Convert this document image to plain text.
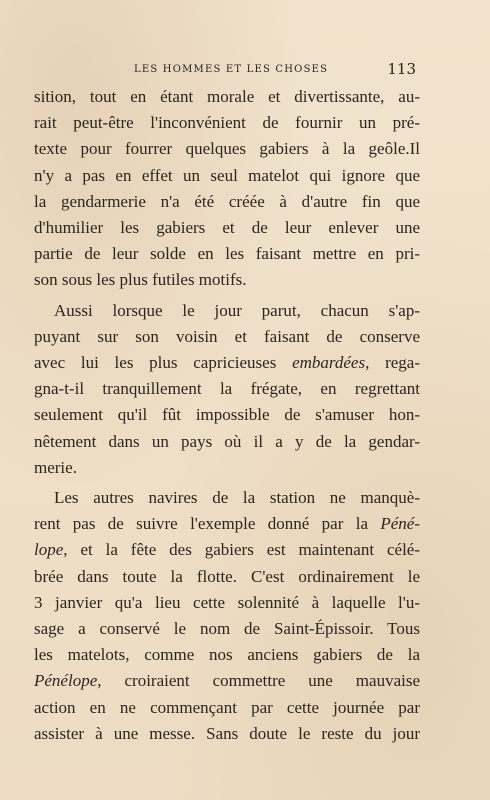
LES HOMMES ET LES CHOSES	113
sition, tout en étant morale et divertissante, au-
rait peut-être l'inconvénient de fournir un pré-
texte pour fourrer quelques gabiers à la geôle.Il
n'y a pas en effet un seul matelot qui ignore que
la gendarmerie n'a été créée à d'autre fin que
d'humilier les gabiers et de leur enlever une
partie de leur solde en les faisant mettre en pri-
son sous les plus futiles motifs.
Aussi lorsque le jour parut, chacun s'ap-
puyant sur son voisin et faisant de conserve
avec lui les plus capricieuses embardées, rega-
gna-t-il tranquillement la frégate, en regrettant
seulement qu'il fût impossible de s'amuser hon-
nêtement dans un pays où il a y de la gendar-
merie.
Les autres navires de la station ne manquè-
rent pas de suivre l'exemple donné par la Péné-
lope, et la fête des gabiers est maintenant célé-
brée dans toute la flotte. C'est ordinairement le
3 janvier qu'a lieu cette solennité à laquelle l'u-
sage a conservé le nom de Saint-Épissoir. Tous
les matelots, comme nos anciens gabiers de la
Pénélope, croiraient commettre une mauvaise
action en ne commençant par cette journée par
assister à une messe. Sans doute le reste du jour
